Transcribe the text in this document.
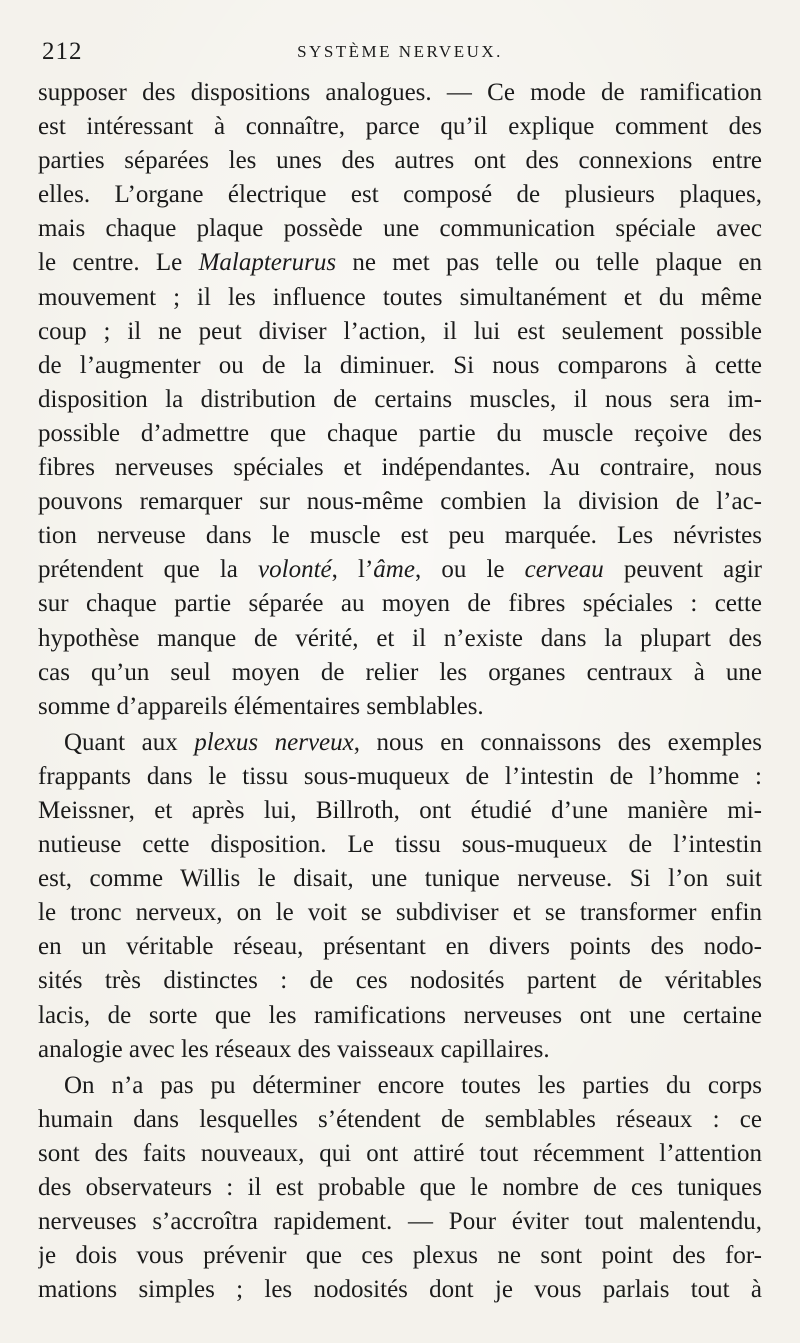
212	SYSTÈME NERVEUX.
supposer des dispositions analogues. — Ce mode de ramification
est intéressant à connaître, parce qu’il explique comment des
parties séparées les unes des autres ont des connexions entre
elles. L’organe électrique est composé de plusieurs plaques,
mais chaque plaque possède une communication spéciale avec
le centre. Le Malapterurus ne met pas telle ou telle plaque en
mouvement ; il les influence toutes simultanément et du même
coup ; il ne peut diviser l’action, il lui est seulement possible
de l’augmenter ou de la diminuer. Si nous comparons à cette
disposition la distribution de certains muscles, il nous sera im-
possible d’admettre que chaque partie du muscle reçoive des
fibres nerveuses spéciales et indépendantes. Au contraire, nous
pouvons remarquer sur nous-même combien la division de l’ac-
tion nerveuse dans le muscle est peu marquée. Les névristes
prétendent que la volonté, l’âme, ou le cerveau peuvent agir
sur chaque partie séparée au moyen de fibres spéciales : cette
hypothèse manque de vérité, et il n’existe dans la plupart des
cas qu’un seul moyen de relier les organes centraux à une
somme d’appareils élémentaires semblables.
Quant aux plexus nerveux, nous en connaissons des exemples
frappants dans le tissu sous-muqueux de l’intestin de l’homme :
Meissner, et après lui, Billroth, ont étudié d’une manière mi-
nutieuse cette disposition. Le tissu sous-muqueux de l’intestin
est, comme Willis le disait, une tunique nerveuse. Si l’on suit
le tronc nerveux, on le voit se subdiviser et se transformer enfin
en un véritable réseau, présentant en divers points des nodo-
sités très distinctes : de ces nodosités partent de véritables
lacis, de sorte que les ramifications nerveuses ont une certaine
analogie avec les réseaux des vaisseaux capillaires.
On n’a pas pu déterminer encore toutes les parties du corps
humain dans lesquelles s’étendent de semblables réseaux : ce
sont des faits nouveaux, qui ont attiré tout récemment l’attention
des observateurs : il est probable que le nombre de ces tuniques
nerveuses s’accroîtra rapidement. — Pour éviter tout malentendu,
je dois vous prévenir que ces plexus ne sont point des for-
mations simples ; les nodosités dont je vous parlais tout à
